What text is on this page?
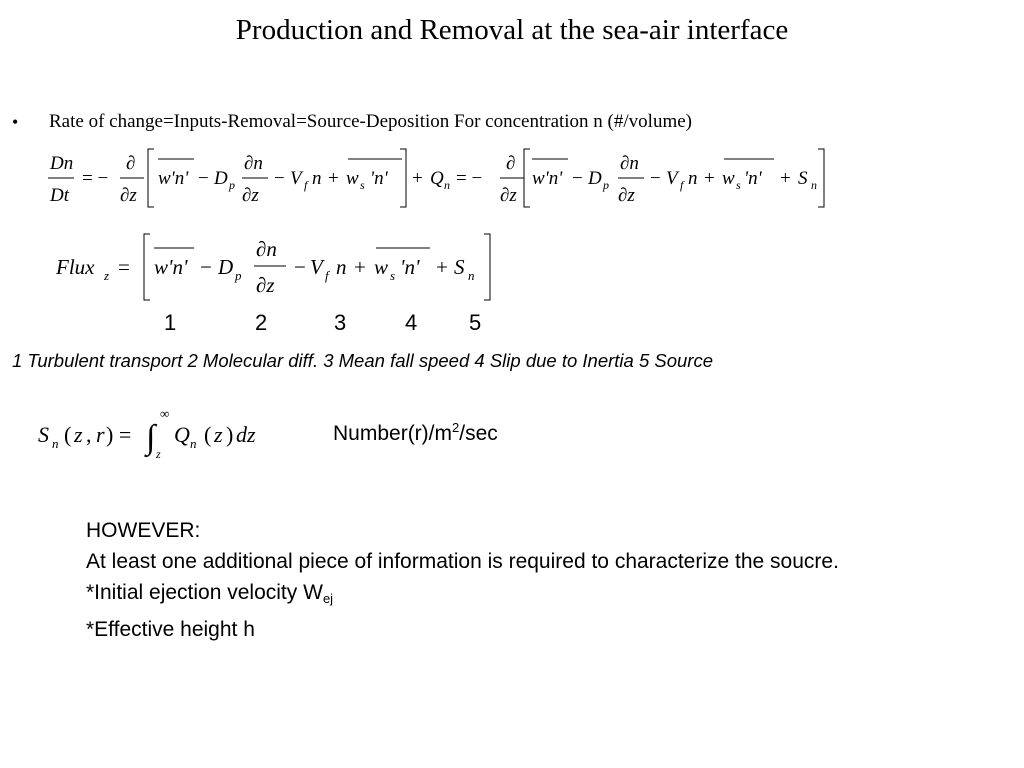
Production and Removal at the sea-air interface
• Rate of change=Inputs-Removal=Source-Deposition For concentration n (#/volume)
Dn
Dt
= −
∂
∂z
w'n' − D p
∂n
∂z
− V f n + w s 'n' + Q n = −
∂
∂z
w'n' − D p
∂n
∂z
− V f n + w s 'n' + S n
Flux z = w'n' − D p
∂n
∂z
− V f n + w s 'n' + S n
1	2	3	4 5
1 Turbulent transport 2 Molecular diff. 3 Mean fall speed 4 Slip due to Inertia 5 Source
S n ( z , r ) = ∫
∞
z
Q n ( z ) dz	$Number(r)/m^2/\sec$
HOWEVER:
At least one additional piece of information is required to characterize the soucre.
*Initial ejection velocity $W_{ej}$
*Effective height h
